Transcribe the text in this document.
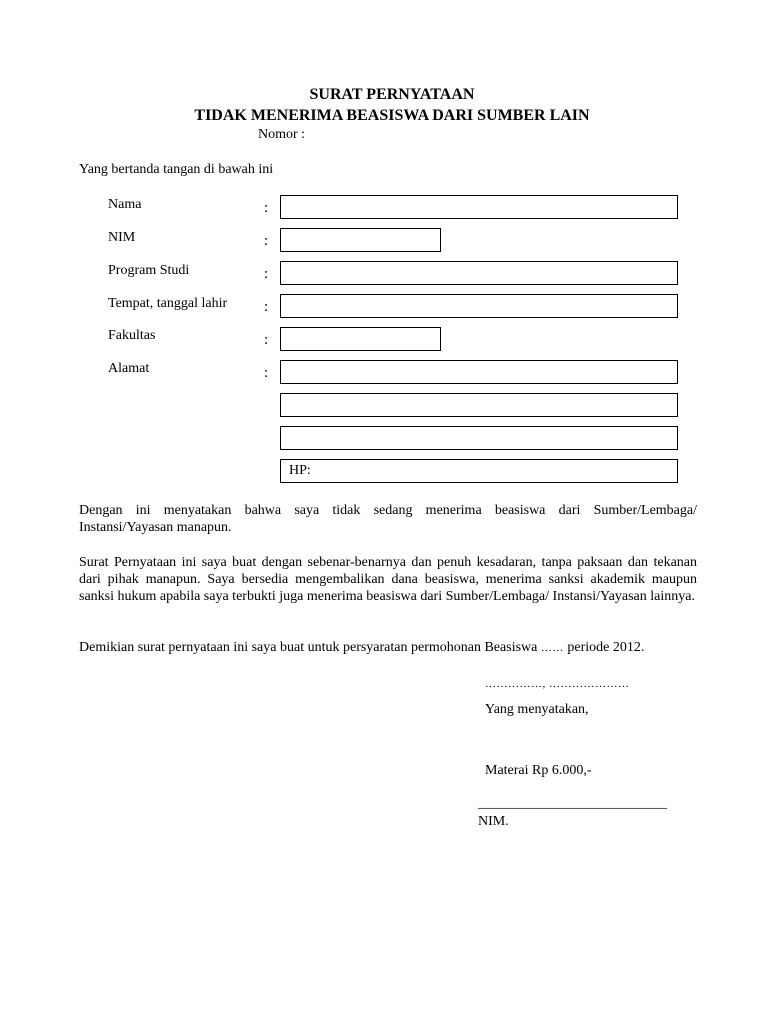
SURAT PERNYATAAN
TIDAK MENERIMA BEASISWA DARI SUMBER LAIN
Nomor :
Yang bertanda tangan di bawah ini
Nama
NIM
Program Studi
Tempat, tanggal lahir
Fakultas
Alamat
:
:
:
:
:
:
HP:
Dengan ini menyatakan bahwa saya tidak sedang menerima beasiswa dari Sumber/Lembaga/ Instansi/Yayasan manapun.
Surat Pernyataan ini saya buat dengan sebenar-benarnya dan penuh kesadaran, tanpa paksaan dan tekanan dari pihak manapun. Saya bersedia mengembalikan dana beasiswa, menerima sanksi akademik maupun sanksi hukum apabila saya terbukti juga menerima beasiswa dari Sumber/Lembaga/ Instansi/Yayasan lainnya.
Demikian surat pernyataan ini saya buat untuk persyaratan permohonan Beasiswa …… periode 2012.
……………, …………………
Yang menyatakan,
Materai Rp 6.000,-
___________________________
NIM.
